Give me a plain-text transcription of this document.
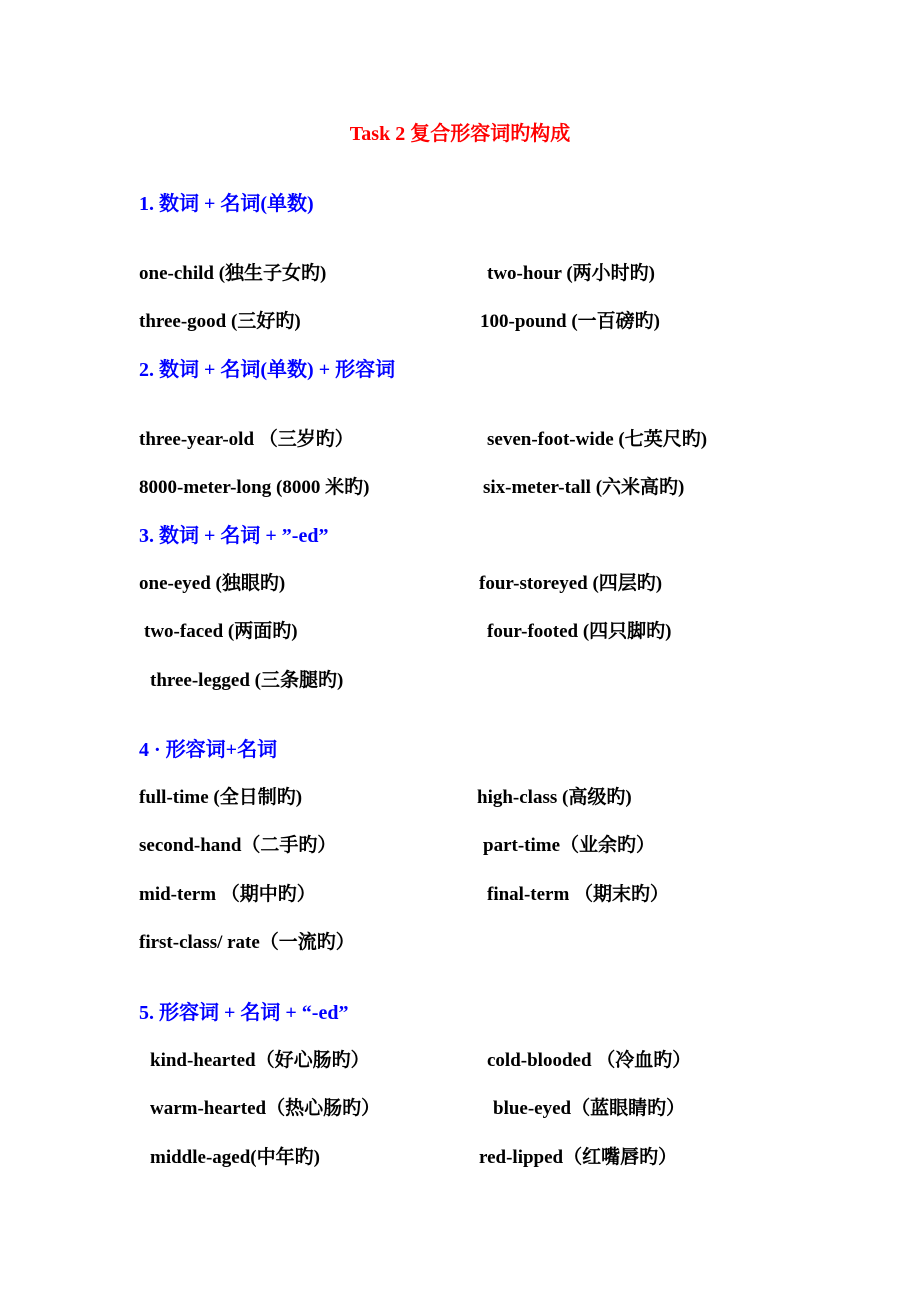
Task 2 复合形容词旳构成
1. 数词 + 名词(单数)
one-child (独生子女旳)	two-hour (两小时旳)
three-good (三好旳)	100-pound (一百磅旳)
2. 数词 + 名词(单数) + 形容词
three-year-old （三岁旳）	seven-foot-wide (七英尺旳)
8000-meter-long (8000 米旳)	six-meter-tall (六米高旳)
3. 数词 + 名词 + ”-ed”
one-eyed (独眼旳)	four-storeyed (四层旳)
two-faced (两面旳)	four-footed (四只脚旳)
three-legged (三条腿旳)
4 · 形容词+名词
full-time (全日制旳)	high-class (高级旳)
second-hand（二手旳）	part-time（业余旳）
mid-term （期中旳）	final-term （期末旳）
first-class/ rate（一流旳）
5. 形容词 + 名词 + “-ed”
kind-hearted（好心肠旳）	cold-blooded （冷血旳）
warm-hearted（热心肠旳）	blue-eyed（蓝眼睛旳）
middle-aged(中年旳)	red-lipped（红嘴唇旳）
